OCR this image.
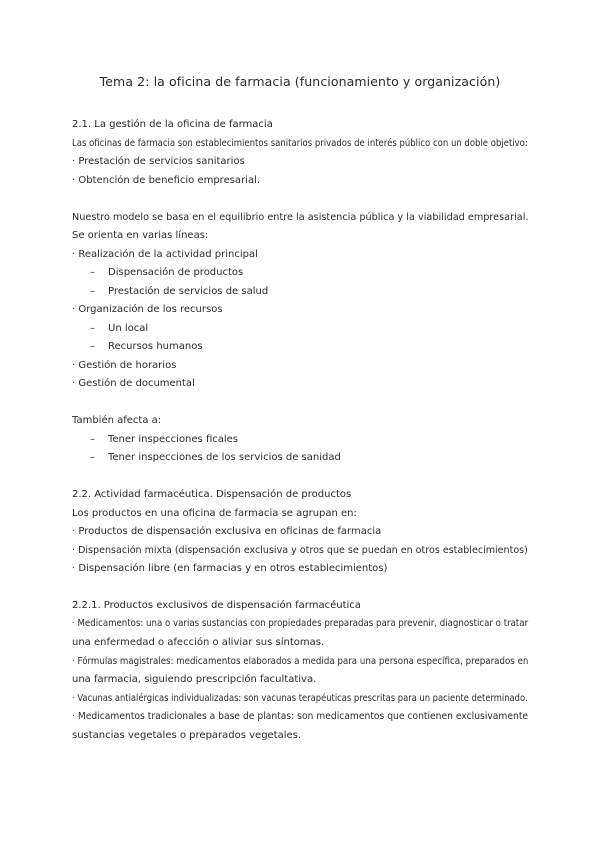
Tema 2: la oficina de farmacia (funcionamiento y organización)
2.1. La gestión de la oficina de farmacia
Las oficinas de farmacia son establecimientos sanitarios privados de interés público con un doble objetivo:
· Prestación de servicios sanitarios
· Obtención de beneficio empresarial.
Nuestro modelo se basa en el equilibrio entre la asistencia pública y la viabilidad empresarial.
Se orienta en varias líneas:
· Realización de la actividad principal
– Dispensación de productos
– Prestación de servicios de salud
· Organización de los recursos
– Un local
– Recursos humanos
· Gestión de horarios
· Gestión de documental
También afecta a:
– Tener inspecciones ficales
– Tener inspecciones de los servicios de sanidad
2.2. Actividad farmacéutica. Dispensación de productos
Los productos en una oficina de farmacia se agrupan en:
· Productos de dispensación exclusiva en oficinas de farmacia
· Dispensación mixta (dispensación exclusiva y otros que se puedan en otros establecimientos)
· Dispensación libre (en farmacias y en otros establecimientos)
2.2.1. Productos exclusivos de dispensación farmacéutica
· Medicamentos: una o varias sustancias con propiedades preparadas para prevenir, diagnosticar o tratar
una enfermedad o afección o aliviar sus síntomas.
· Fórmulas magistrales: medicamentos elaborados a medida para una persona específica, preparados en
una farmacia, siguiendo prescripción facultativa.
· Vacunas antialérgicas individualizadas: son vacunas terapéuticas prescritas para un paciente determinado.
· Medicamentos tradicionales a base de plantas: son medicamentos que contienen exclusivamente
sustancias vegetales o preparados vegetales.
